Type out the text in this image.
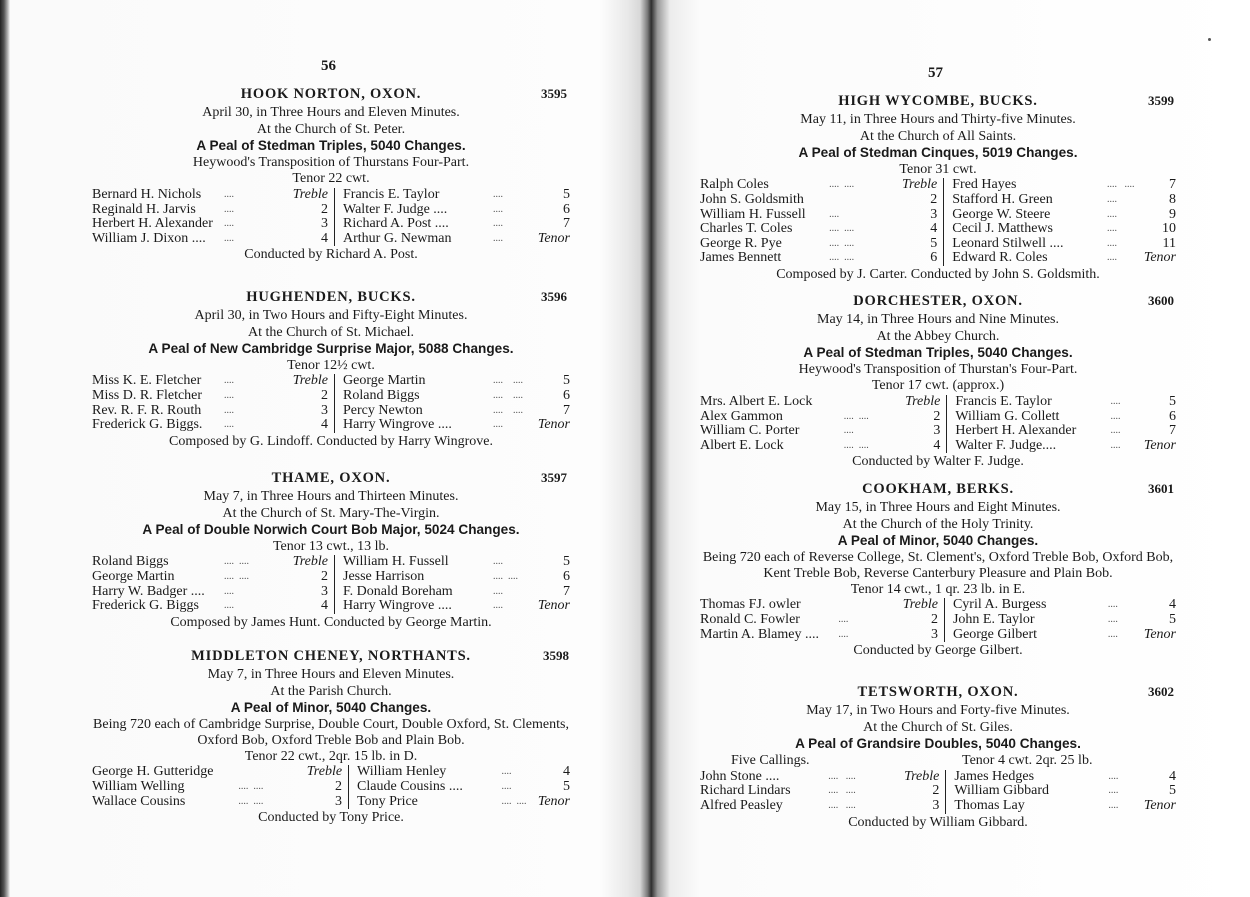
56
HOOK NORTON, OXON.	3595
April 30, in Three Hours and Eleven Minutes.
At the Church of St. Peter.
A Peal of Stedman Triples, 5040 Changes.
Heywood's Transposition of Thurstans Four-Part.
Tenor 22 cwt.
Bernard H. Nichols	....	Treble	Francis E. Taylor	....	5
Reginald H. Jarvis	....	2	Walter F. Judge ....	....	6
Herbert H. Alexander	....	3	Richard A. Post ....	....	7
William J. Dixon ....	....	4	Arthur G. Newman	....	Tenor
Conducted by Richard A. Post.
HUGHENDEN, BUCKS.	3596
April 30, in Two Hours and Fifty-Eight Minutes.
At the Church of St. Michael.
A Peal of New Cambridge Surprise Major, 5088 Changes.
Tenor 12½ cwt.
Miss K. E. Fletcher	....	Treble	George Martin	....    ....	5
Miss D. R. Fletcher	....	2	Roland Biggs	....    ....	6
Rev. R. F. R. Routh	....	3	Percy Newton	....    ....	7
Frederick G. Biggs.	....	4	Harry Wingrove ....	....	Tenor
Composed by G. Lindoff. Conducted by Harry Wingrove.
THAME, OXON.	3597
May 7, in Three Hours and Thirteen Minutes.
At the Church of St. Mary-The-Virgin.
A Peal of Double Norwich Court Bob Major, 5024 Changes.
Tenor 13 cwt., 13 lb.
Roland Biggs	....  ....	Treble	William H. Fussell	....	5
George Martin	....  ....	2	Jesse Harrison	....  ....	6
Harry W. Badger ....	....	3	F. Donald Boreham	....	7
Frederick G. Biggs	....	4	Harry Wingrove ....	....	Tenor
Composed by James Hunt. Conducted by George Martin.
MIDDLETON CHENEY, NORTHANTS.	3598
May 7, in Three Hours and Eleven Minutes.
At the Parish Church.
A Peal of Minor, 5040 Changes.
Being 720 each of Cambridge Surprise, Double Court, Double Oxford, St. Clements, Oxford Bob, Oxford Treble Bob and Plain Bob.
Tenor 22 cwt., 2qr. 15 lb. in D.
George H. Gutteridge		Treble	William Henley	....	4
William Welling	....  ....	2	Claude Cousins ....	....	5
Wallace Cousins	....  ....	3	Tony Price	....  ....	Tenor
Conducted by Tony Price.
57
HIGH WYCOMBE, BUCKS.	3599
May 11, in Three Hours and Thirty-five Minutes.
At the Church of All Saints.
A Peal of Stedman Cinques, 5019 Changes.
Tenor 31 cwt.
Ralph Coles	....  ....	Treble	Fred Hayes	....   ....	7
John S. Goldsmith		2	Stafford H. Green	....	8
William H. Fussell	....	3	George W. Steere	....	9
Charles T. Coles	....  ....	4	Cecil J. Matthews	....	10
George R. Pye	....  ....	5	Leonard Stilwell ....	....	11
James Bennett	....  ....	6	Edward R. Coles	....	Tenor
Composed by J. Carter. Conducted by John S. Goldsmith.
DORCHESTER, OXON.	3600
May 14, in Three Hours and Nine Minutes.
At the Abbey Church.
A Peal of Stedman Triples, 5040 Changes.
Heywood's Transposition of Thurstan's Four-Part.
Tenor 17 cwt. (approx.)
Mrs. Albert E. Lock		Treble	Francis E. Taylor	....	5
Alex Gammon	....  ....	2	William G. Collett	....	6
William C. Porter	....	3	Herbert H. Alexander	....	7
Albert E. Lock	....  ....	4	Walter F. Judge....	....	Tenor
Conducted by Walter F. Judge.
COOKHAM, BERKS.	3601
May 15, in Three Hours and Eight Minutes.
At the Church of the Holy Trinity.
A Peal of Minor, 5040 Changes.
Being 720 each of Reverse College, St. Clement's, Oxford Treble Bob, Oxford Bob, Kent Treble Bob, Reverse Canterbury Pleasure and Plain Bob.
Tenor 14 cwt., 1 qr. 23 lb. in E.
Thomas FJ. owler		Treble	Cyril A. Burgess	....	4
Ronald C. Fowler	....	2	John E. Taylor	....	5
Martin A. Blamey ....	....	3	George Gilbert	....	Tenor
Conducted by George Gilbert.
TETSWORTH, OXON.	3602
May 17, in Two Hours and Forty-five Minutes.
At the Church of St. Giles.
A Peal of Grandsire Doubles, 5040 Changes.
Five Callings.	Tenor 4 cwt. 2qr. 25 lb.
John Stone ....	....   ....	Treble	James Hedges	....	4
Richard Lindars	....   ....	2	William Gibbard	....	5
Alfred Peasley	....   ....	3	Thomas Lay	....	Tenor
Conducted by William Gibbard.
